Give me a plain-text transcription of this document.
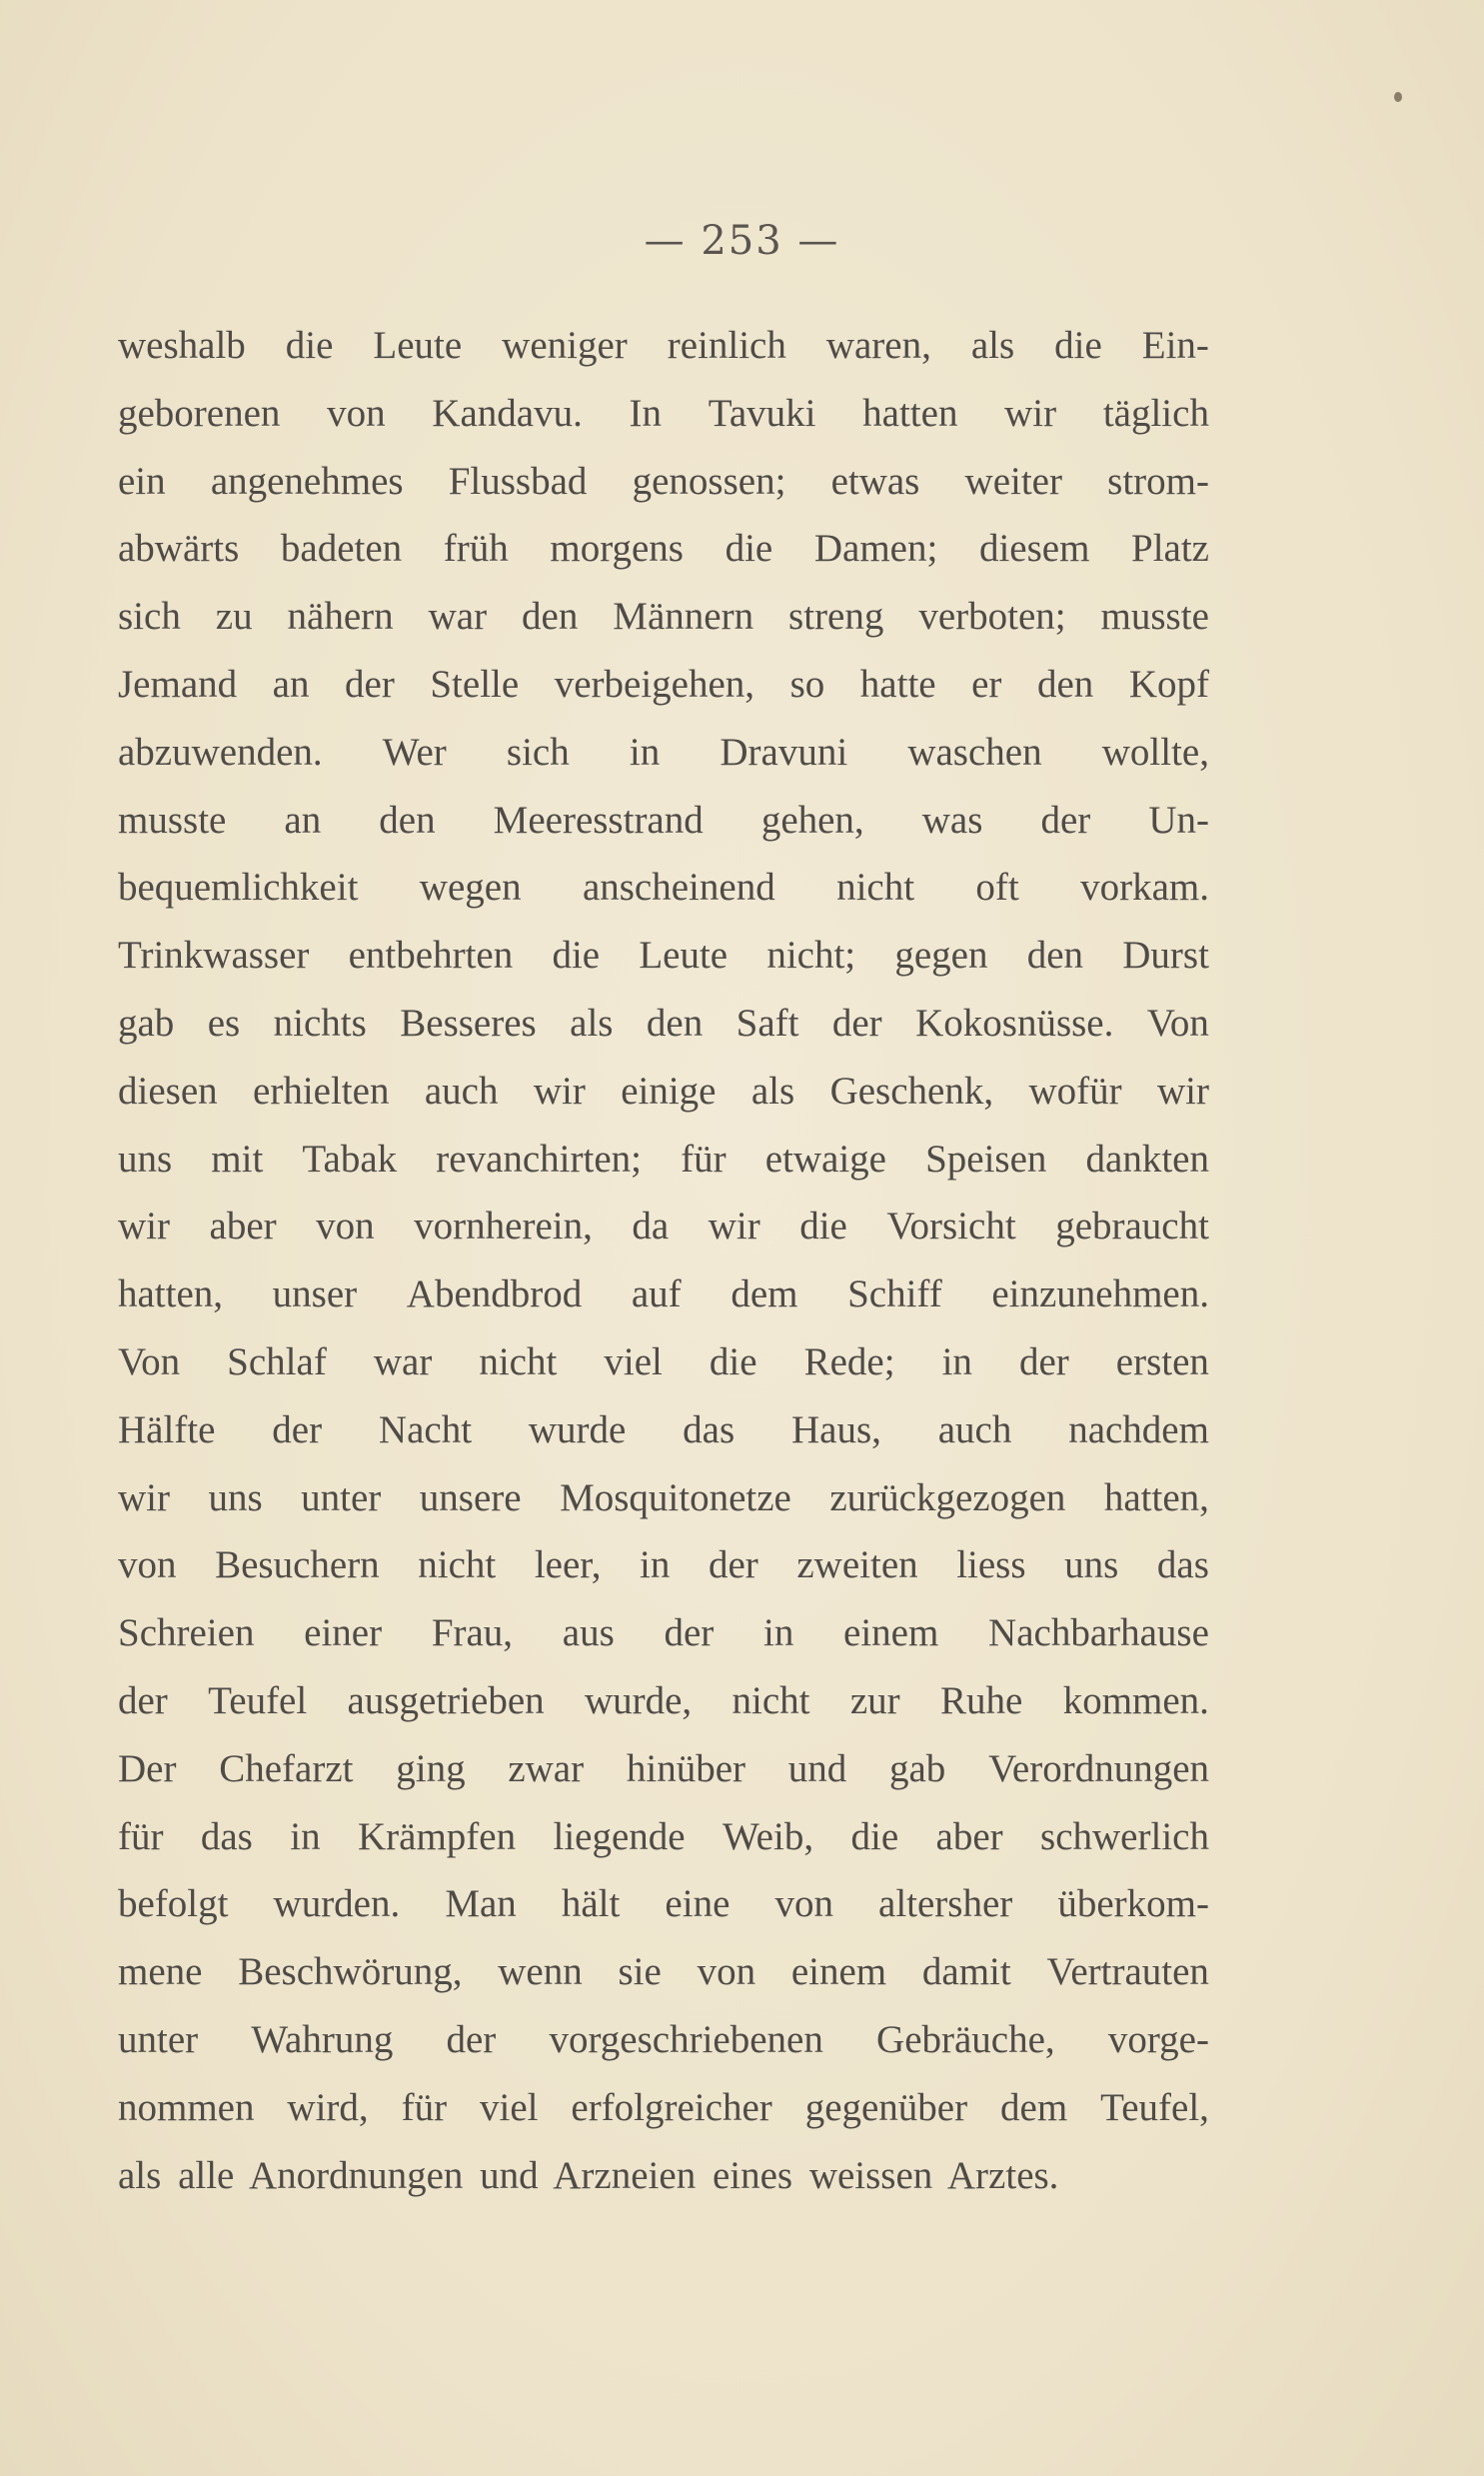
— 253 —
weshalb die Leute weniger reinlich waren, als die Ein-
geborenen von Kandavu. In Tavuki hatten wir täglich
ein angenehmes Flussbad genossen; etwas weiter strom-
abwärts badeten früh morgens die Damen; diesem Platz
sich zu nähern war den Männern streng verboten; musste
Jemand an der Stelle verbeigehen, so hatte er den Kopf
abzuwenden. Wer sich in Dravuni waschen wollte,
musste an den Meeresstrand gehen, was der Un-
bequemlichkeit wegen anscheinend nicht oft vorkam.
Trinkwasser entbehrten die Leute nicht; gegen den Durst
gab es nichts Besseres als den Saft der Kokosnüsse. Von
diesen erhielten auch wir einige als Geschenk, wofür wir
uns mit Tabak revanchirten; für etwaige Speisen dankten
wir aber von vornherein, da wir die Vorsicht gebraucht
hatten, unser Abendbrod auf dem Schiff einzunehmen.
Von Schlaf war nicht viel die Rede; in der ersten
Hälfte der Nacht wurde das Haus, auch nachdem
wir uns unter unsere Mosquitonetze zurückgezogen hatten,
von Besuchern nicht leer, in der zweiten liess uns das
Schreien einer Frau, aus der in einem Nachbarhause
der Teufel ausgetrieben wurde, nicht zur Ruhe kommen.
Der Chefarzt ging zwar hinüber und gab Verordnungen
für das in Krämpfen liegende Weib, die aber schwerlich
befolgt wurden. Man hält eine von altersher überkom-
mene Beschwörung, wenn sie von einem damit Vertrauten
unter Wahrung der vorgeschriebenen Gebräuche, vorge-
nommen wird, für viel erfolgreicher gegenüber dem Teufel,
als alle Anordnungen und Arzneien eines weissen Arztes.
